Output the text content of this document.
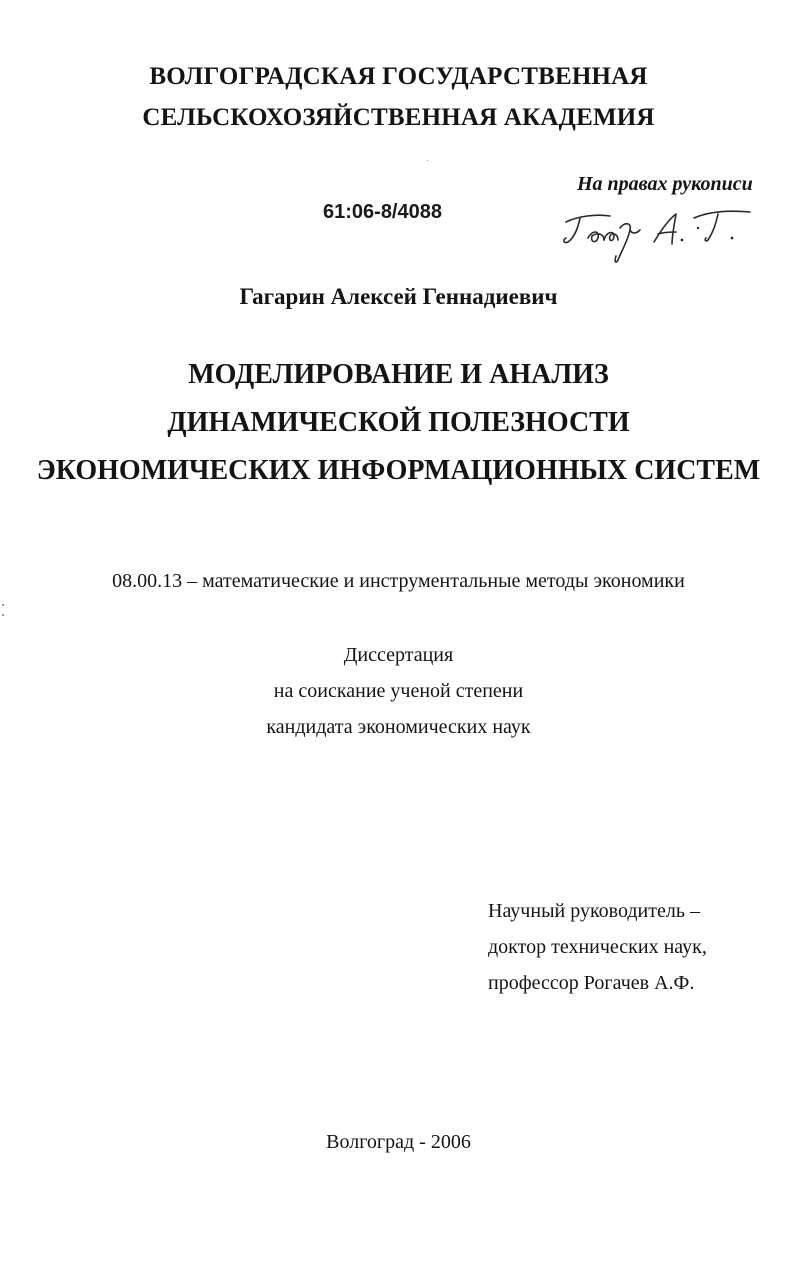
ВОЛГОГРАДСКАЯ ГОСУДАРСТВЕННАЯ
СЕЛЬСКОХОЗЯЙСТВЕННАЯ АКАДЕМИЯ
На правах рукописи
61:06-8/4088
Гагарин Алексей Геннадиевич
МОДЕЛИРОВАНИЕ И АНАЛИЗ
ДИНАМИЧЕСКОЙ ПОЛЕЗНОСТИ
ЭКОНОМИЧЕСКИХ ИНФОРМАЦИОННЫХ СИСТЕМ
08.00.13 – математические и инструментальные методы экономики
Диссертация
на соискание ученой степени
кандидата экономических наук
Научный руководитель –
доктор технических наук,
профессор Рогачев А.Ф.
Волгоград - 2006
